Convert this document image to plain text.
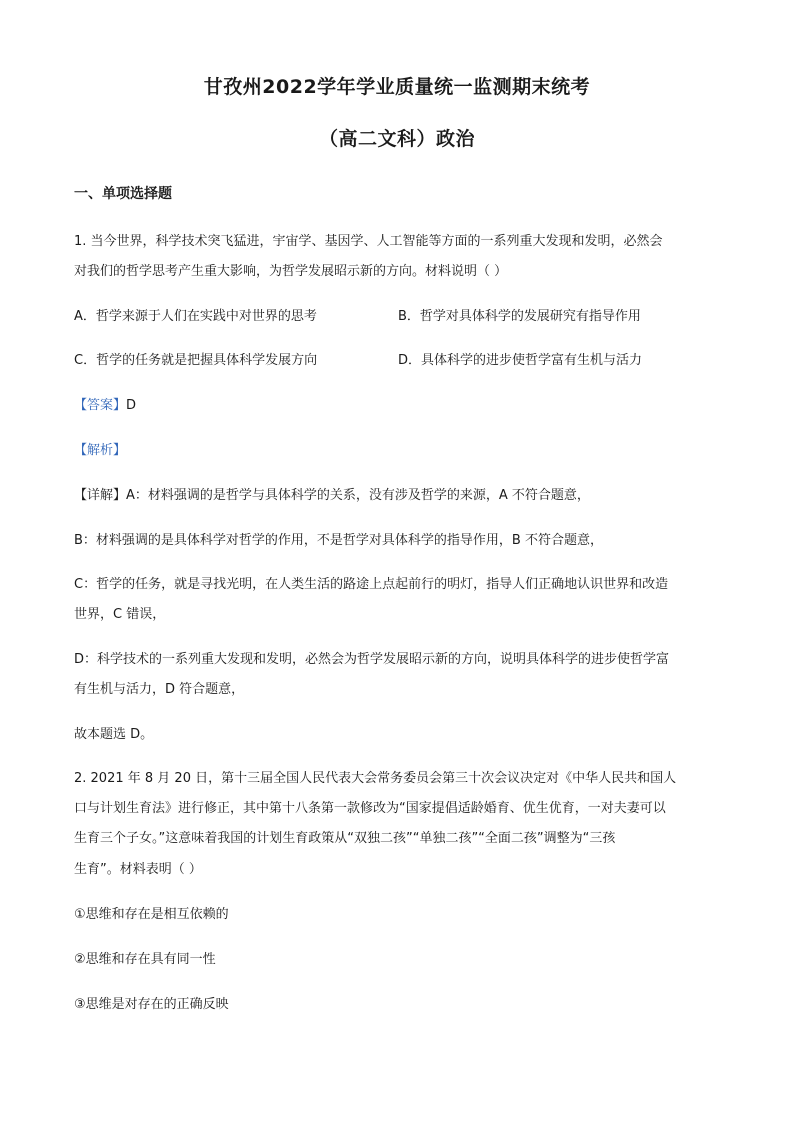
甘孜州2022学年学业质量统一监测期末统考
（高二文科）政治
一、单项选择题
1. 当今世界，科学技术突飞猛进，宇宙学、基因学、人工智能等方面的一系列重大发现和发明，必然会
对我们的哲学思考产生重大影响，为哲学发展昭示新的方向。材料说明（ ）
A．哲学来源于人们在实践中对世界的思考	B．哲学对具体科学的发展研究有指导作用
C．哲学的任务就是把握具体科学发展方向	D．具体科学的进步使哲学富有生机与活力
【答案】D
【解析】
【详解】A：材料强调的是哲学与具体科学的关系，没有涉及哲学的来源，A 不符合题意，
B：材料强调的是具体科学对哲学的作用，不是哲学对具体科学的指导作用，B 不符合题意，
C：哲学的任务，就是寻找光明，在人类生活的路途上点起前行的明灯，指导人们正确地认识世界和改造
世界，C 错误，
D：科学技术的一系列重大发现和发明，必然会为哲学发展昭示新的方向，说明具体科学的进步使哲学富
有生机与活力，D 符合题意，
故本题选 D。
2. 2021 年 8 月 20 日，第十三届全国人民代表大会常务委员会第三十次会议决定对《中华人民共和国人
口与计划生育法》进行修正，其中第十八条第一款修改为“国家提倡适龄婚育、优生优育，一对夫妻可以
生育三个子女。”这意味着我国的计划生育政策从“双独二孩”“单独二孩”“全面二孩”调整为“三孩
生育”。材料表明（ ）
①思维和存在是相互依赖的
②思维和存在具有同一性
③思维是对存在的正确反映
